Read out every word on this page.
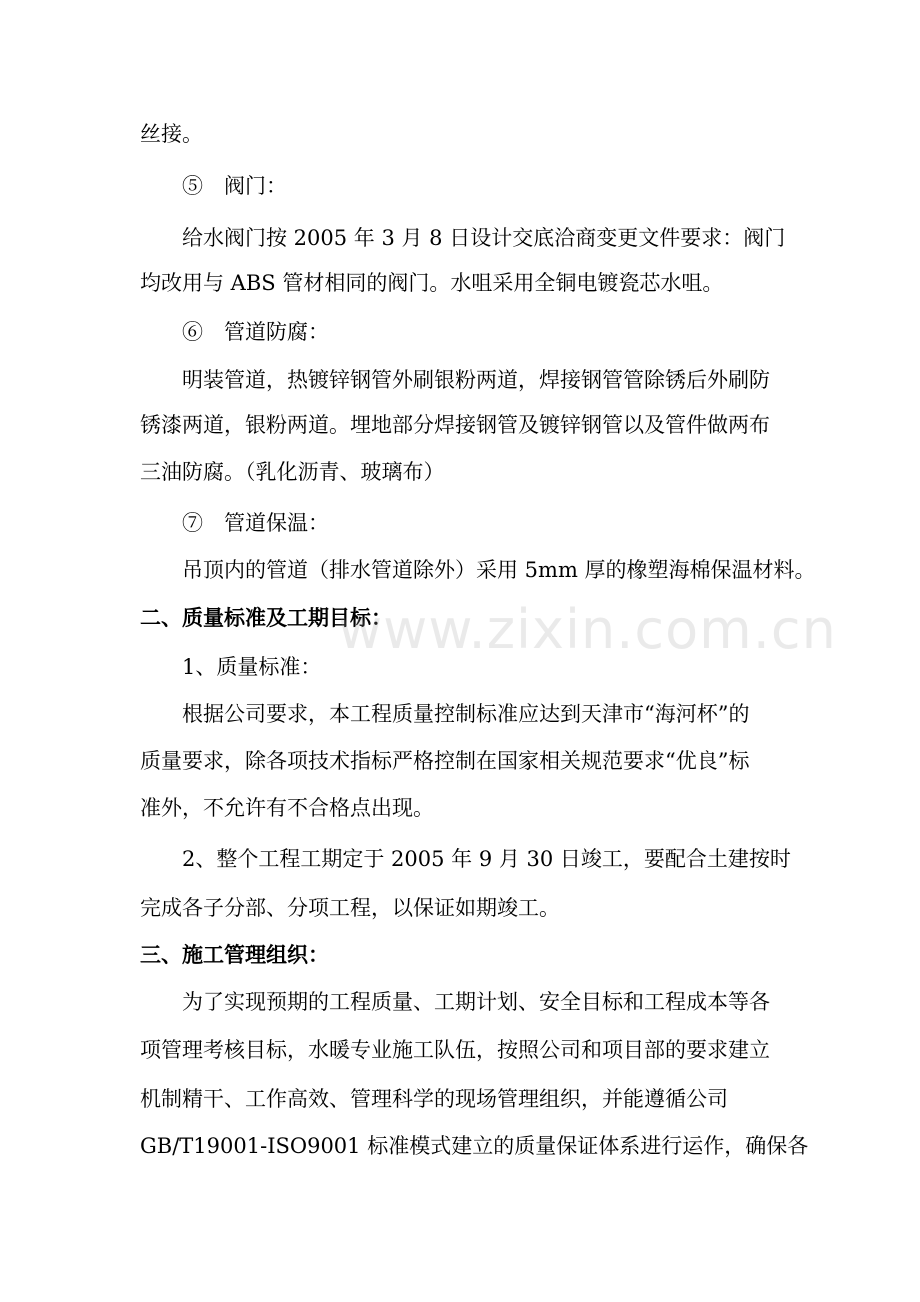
丝接。

⑤　阀门：

给水阀门按 2005 年 3 月 8 日设计交底洽商变更文件要求：阀门

均改用与 ABS 管材相同的阀门。水咀采用全铜电镀瓷芯水咀。

⑥　管道防腐：

明装管道，热镀锌钢管外刷银粉两道，焊接钢管管除锈后外刷防

锈漆两道，银粉两道。埋地部分焊接钢管及镀锌钢管以及管件做两布

三油防腐。（乳化沥青、玻璃布）

⑦　管道保温：

吊顶内的管道（排水管道除外）采用 5mm 厚的橡塑海棉保温材料。

二、质量标准及工期目标：

1、质量标准：

根据公司要求，本工程质量控制标准应达到天津市“海河杯”的

质量要求，除各项技术指标严格控制在国家相关规范要求“优良”标

准外，不允许有不合格点出现。

2、整个工程工期定于 2005 年 9 月 30 日竣工，要配合土建按时

完成各子分部、分项工程，以保证如期竣工。

三、施工管理组织：

为了实现预期的工程质量、工期计划、安全目标和工程成本等各

项管理考核目标，水暖专业施工队伍，按照公司和项目部的要求建立

机制精干、工作高效、管理科学的现场管理组织，并能遵循公司

GB/T19001-ISO9001 标准模式建立的质量保证体系进行运作，确保各

www.zixin.com.cn
